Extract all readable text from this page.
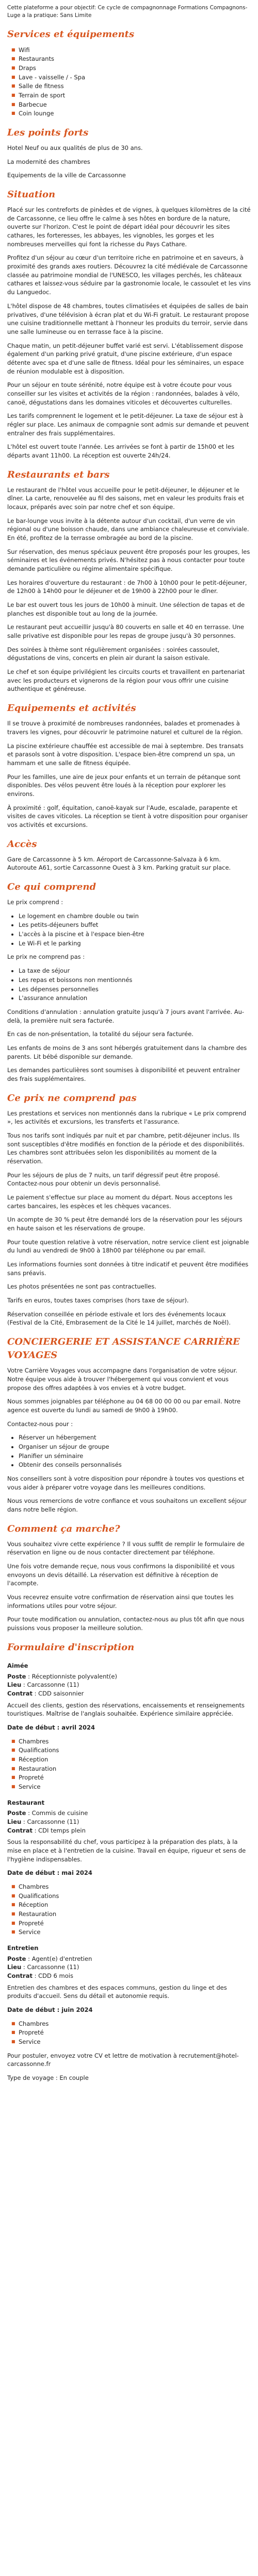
Cette plateforme a pour objectif: Ce cycle de compagnonnage Formations Compagnons-Luge a la pratique: Sans Limite

Services et équipements
■ Wifi
■ Restaurants
■ Draps
■ Lave - vaisselle / - Spa
■ Salle de fitness
■ Terrain de sport
■ Barbecue
■ Coin lounge
Les points forts

Hotel Neuf ou aux qualités de plus de 30 ans.

La modernité des chambres

Equipements de la ville de Carcassonne

Situation

Placé sur les contreforts de pinèdes et de vignes, à quelques kilomètres de la cité de Carcassonne, ce lieu offre le calme à ses hôtes en bordure de la nature, ouverte sur l'horizon. C'est le point de départ idéal pour découvrir les sites cathares, les forteresses, les abbayes, les vignobles, les gorges et les nombreuses merveilles qui font la richesse du Pays Cathare.

Profitez d'un séjour au cœur d'un territoire riche en patrimoine et en saveurs, à proximité des grands axes routiers. Découvrez la cité médiévale de Carcassonne classée au patrimoine mondial de l'UNESCO, les villages perchés, les châteaux cathares et laissez-vous séduire par la gastronomie locale, le cassoulet et les vins du Languedoc.

L'hôtel dispose de 48 chambres, toutes climatisées et équipées de salles de bain privatives, d'une télévision à écran plat et du Wi-Fi gratuit. Le restaurant propose une cuisine traditionnelle mettant à l'honneur les produits du terroir, servie dans une salle lumineuse ou en terrasse face à la piscine.

Chaque matin, un petit-déjeuner buffet varié est servi. L'établissement dispose également d'un parking privé gratuit, d'une piscine extérieure, d'un espace détente avec spa et d'une salle de fitness. Idéal pour les séminaires, un espace de réunion modulable est à disposition.

Pour un séjour en toute sérénité, notre équipe est à votre écoute pour vous conseiller sur les visites et activités de la région : randonnées, balades à vélo, canoë, dégustations dans les domaines viticoles et découvertes culturelles.

Les tarifs comprennent le logement et le petit-déjeuner. La taxe de séjour est à régler sur place. Les animaux de compagnie sont admis sur demande et peuvent entraîner des frais supplémentaires.

L'hôtel est ouvert toute l'année. Les arrivées se font à partir de 15h00 et les départs avant 11h00. La réception est ouverte 24h/24.

Restaurants et bars

Le restaurant de l'hôtel vous accueille pour le petit-déjeuner, le déjeuner et le dîner. La carte, renouvelée au fil des saisons, met en valeur les produits frais et locaux, préparés avec soin par notre chef et son équipe.

Le bar-lounge vous invite à la détente autour d'un cocktail, d'un verre de vin régional ou d'une boisson chaude, dans une ambiance chaleureuse et conviviale. En été, profitez de la terrasse ombragée au bord de la piscine.

Sur réservation, des menus spéciaux peuvent être proposés pour les groupes, les séminaires et les événements privés. N'hésitez pas à nous contacter pour toute demande particulière ou régime alimentaire spécifique.

Les horaires d'ouverture du restaurant : de 7h00 à 10h00 pour le petit-déjeuner, de 12h00 à 14h00 pour le déjeuner et de 19h00 à 22h00 pour le dîner.

Le bar est ouvert tous les jours de 10h00 à minuit. Une sélection de tapas et de planches est disponible tout au long de la journée.

Le restaurant peut accueillir jusqu'à 80 couverts en salle et 40 en terrasse. Une salle privative est disponible pour les repas de groupe jusqu'à 30 personnes.

Des soirées à thème sont régulièrement organisées : soirées cassoulet, dégustations de vins, concerts en plein air durant la saison estivale.

Le chef et son équipe privilégient les circuits courts et travaillent en partenariat avec les producteurs et vignerons de la région pour vous offrir une cuisine authentique et généreuse.

Equipements et activités

Il se trouve à proximité de nombreuses randonnées, balades et promenades à travers les vignes, pour découvrir le patrimoine naturel et culturel de la région.

La piscine extérieure chauffée est accessible de mai à septembre. Des transats et parasols sont à votre disposition. L'espace bien-être comprend un spa, un hammam et une salle de fitness équipée.

Pour les familles, une aire de jeux pour enfants et un terrain de pétanque sont disponibles. Des vélos peuvent être loués à la réception pour explorer les environs.

À proximité : golf, équitation, canoë-kayak sur l'Aude, escalade, parapente et visites de caves viticoles. La réception se tient à votre disposition pour organiser vos activités et excursions.

Accès

Gare de Carcassonne à 5 km. Aéroport de Carcassonne-Salvaza à 6 km. Autoroute A61, sortie Carcassonne Ouest à 3 km. Parking gratuit sur place.

Ce qui comprend

Le prix comprend :

• Le logement en chambre double ou twin
• Les petits-déjeuners buffet
• L'accès à la piscine et à l'espace bien-être
• Le Wi-Fi et le parking

Le prix ne comprend pas :

• La taxe de séjour
• Les repas et boissons non mentionnés
• Les dépenses personnelles
• L'assurance annulation

Conditions d'annulation : annulation gratuite jusqu'à 7 jours avant l'arrivée. Au-delà, la première nuit sera facturée.

En cas de non-présentation, la totalité du séjour sera facturée.

Les enfants de moins de 3 ans sont hébergés gratuitement dans la chambre des parents. Lit bébé disponible sur demande.

Les demandes particulières sont soumises à disponibilité et peuvent entraîner des frais supplémentaires.

Ce prix ne comprend pas

Les prestations et services non mentionnés dans la rubrique « Le prix comprend », les activités et excursions, les transferts et l'assurance.

Tous nos tarifs sont indiqués par nuit et par chambre, petit-déjeuner inclus. Ils sont susceptibles d'être modifiés en fonction de la période et des disponibilités. Les chambres sont attribuées selon les disponibilités au moment de la réservation.

Pour les séjours de plus de 7 nuits, un tarif dégressif peut être proposé. Contactez-nous pour obtenir un devis personnalisé.

Le paiement s'effectue sur place au moment du départ. Nous acceptons les cartes bancaires, les espèces et les chèques vacances.

Un acompte de 30 % peut être demandé lors de la réservation pour les séjours en haute saison et les réservations de groupe.

Pour toute question relative à votre réservation, notre service client est joignable du lundi au vendredi de 9h00 à 18h00 par téléphone ou par email.

Les informations fournies sont données à titre indicatif et peuvent être modifiées sans préavis.

Les photos présentées ne sont pas contractuelles.

Tarifs en euros, toutes taxes comprises (hors taxe de séjour).

Réservation conseillée en période estivale et lors des événements locaux (Festival de la Cité, Embrasement de la Cité le 14 juillet, marchés de Noël).

CONCIERGERIE ET ASSISTANCE CARRIÈRE VOYAGES

Votre Carrière Voyages vous accompagne dans l'organisation de votre séjour. Notre équipe vous aide à trouver l'hébergement qui vous convient et vous propose des offres adaptées à vos envies et à votre budget.

Nous sommes joignables par téléphone au 04 68 00 00 00 ou par email. Notre agence est ouverte du lundi au samedi de 9h00 à 19h00.

Contactez-nous pour :

• Réserver un hébergement
• Organiser un séjour de groupe
• Planifier un séminaire
• Obtenir des conseils personnalisés

Nos conseillers sont à votre disposition pour répondre à toutes vos questions et vous aider à préparer votre voyage dans les meilleures conditions.

Nous vous remercions de votre confiance et vous souhaitons un excellent séjour dans notre belle région.

Comment ça marche?

Vous souhaitez vivre cette expérience ? Il vous suffit de remplir le formulaire de réservation en ligne ou de nous contacter directement par téléphone.

Une fois votre demande reçue, nous vous confirmons la disponibilité et vous envoyons un devis détaillé. La réservation est définitive à réception de l'acompte.

Vous recevrez ensuite votre confirmation de réservation ainsi que toutes les informations utiles pour votre séjour.

Pour toute modification ou annulation, contactez-nous au plus tôt afin que nous puissions vous proposer la meilleure solution.

Formulaire d'inscription
Aimée

Poste : Réceptionniste polyvalent(e)

Lieu : Carcassonne (11)

Contrat : CDD saisonnier

Accueil des clients, gestion des réservations, encaissements et renseignements touristiques. Maîtrise de l'anglais souhaitée. Expérience similaire appréciée.

Date de début : avril 2024

■ Chambres
■ Qualifications
■ Réception
■ Restauration
■ Propreté
■ Service
Restaurant

Poste : Commis de cuisine

Lieu : Carcassonne (11)

Contrat : CDI temps plein

Sous la responsabilité du chef, vous participez à la préparation des plats, à la mise en place et à l'entretien de la cuisine. Travail en équipe, rigueur et sens de l'hygiène indispensables.

Date de début : mai 2024

■ Chambres
■ Qualifications
■ Réception
■ Restauration
■ Propreté
■ Service
Entretien

Poste : Agent(e) d'entretien

Lieu : Carcassonne (11)

Contrat : CDD 6 mois

Entretien des chambres et des espaces communs, gestion du linge et des produits d'accueil. Sens du détail et autonomie requis.

Date de début : juin 2024

■ Chambres
■ Propreté
■ Service

Pour postuler, envoyez votre CV et lettre de motivation à recrutement@hotel-carcassonne.fr

Type de voyage : En couple
